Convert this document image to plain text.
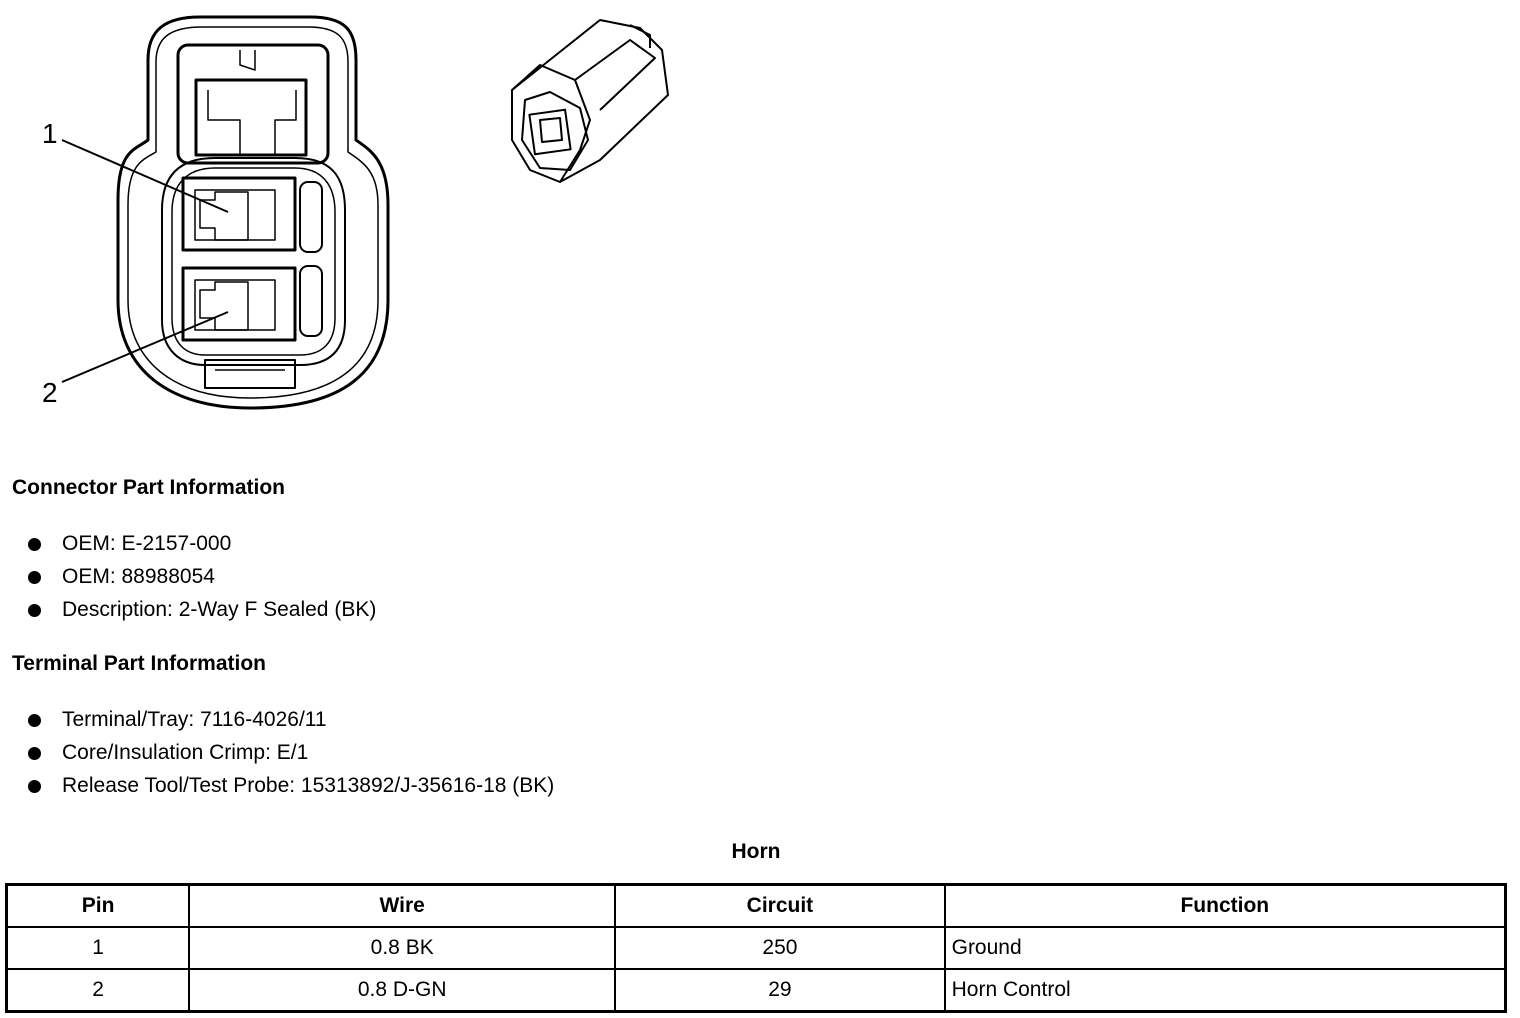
1
2
Connector Part Information
OEM: E-2157-000
OEM: 88988054
Description: 2-Way F Sealed (BK)
Terminal Part Information
Terminal/Tray: 7116-4026/11
Core/Insulation Crimp: E/1
Release Tool/Test Probe: 15313892/J-35616-18 (BK)
Horn
Pin	Wire	Circuit	Function
1	0.8 BK	250	Ground
2	0.8 D-GN	29	Horn Control
